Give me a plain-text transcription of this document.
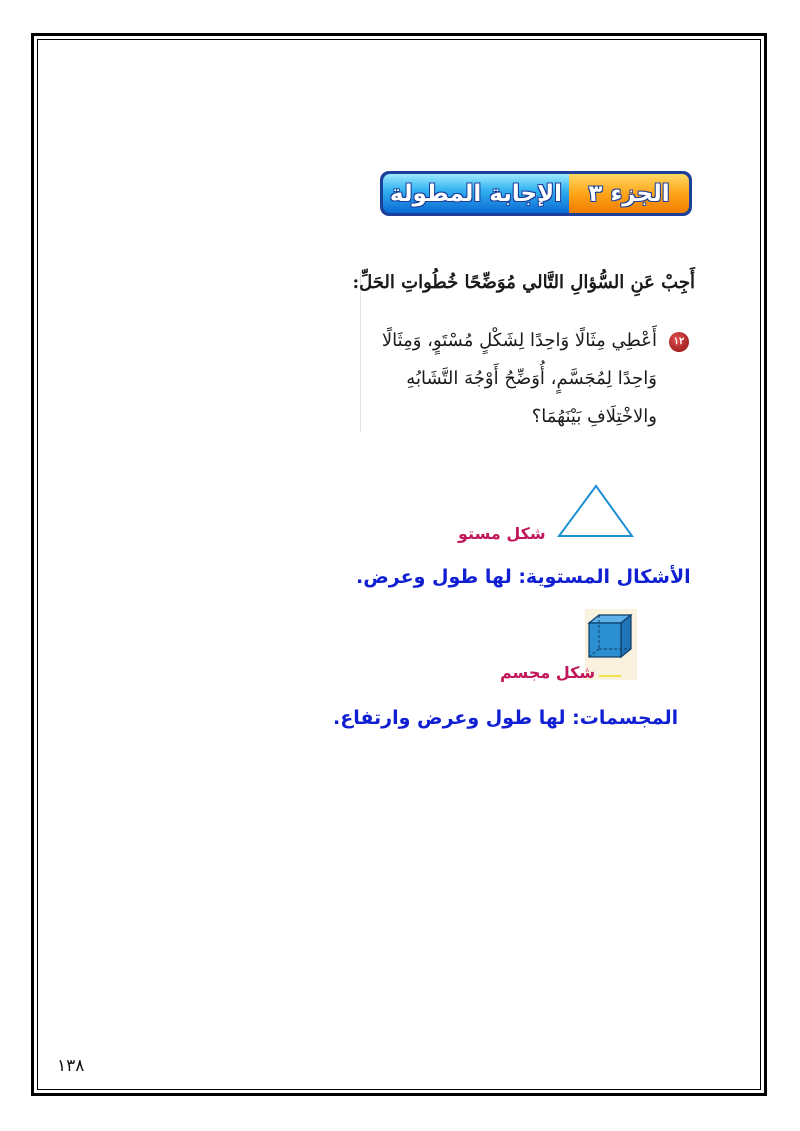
الإجابة المطولة الجزء ٣
أَجِبْ عَنِ السُّؤالِ التَّالي مُوَضِّحًا خُطُواتِ الحَلِّ:
١٢
أَعْطِي مِثَالًا وَاحِدًا لِشَكْلٍ مُسْتَوٍ، وَمِثَالًا
وَاحِدًا لِمُجَسَّمٍ، أُوَضِّحُ أَوْجُهَ التَّشَابُهِ
والاخْتِلَافِ بَيْنَهُمَا؟
شكل مستو
الأشكال المستوية: لها طول وعرض.
شكل مجسم
المجسمات: لها طول وعرض وارتفاع.
١٣٨
